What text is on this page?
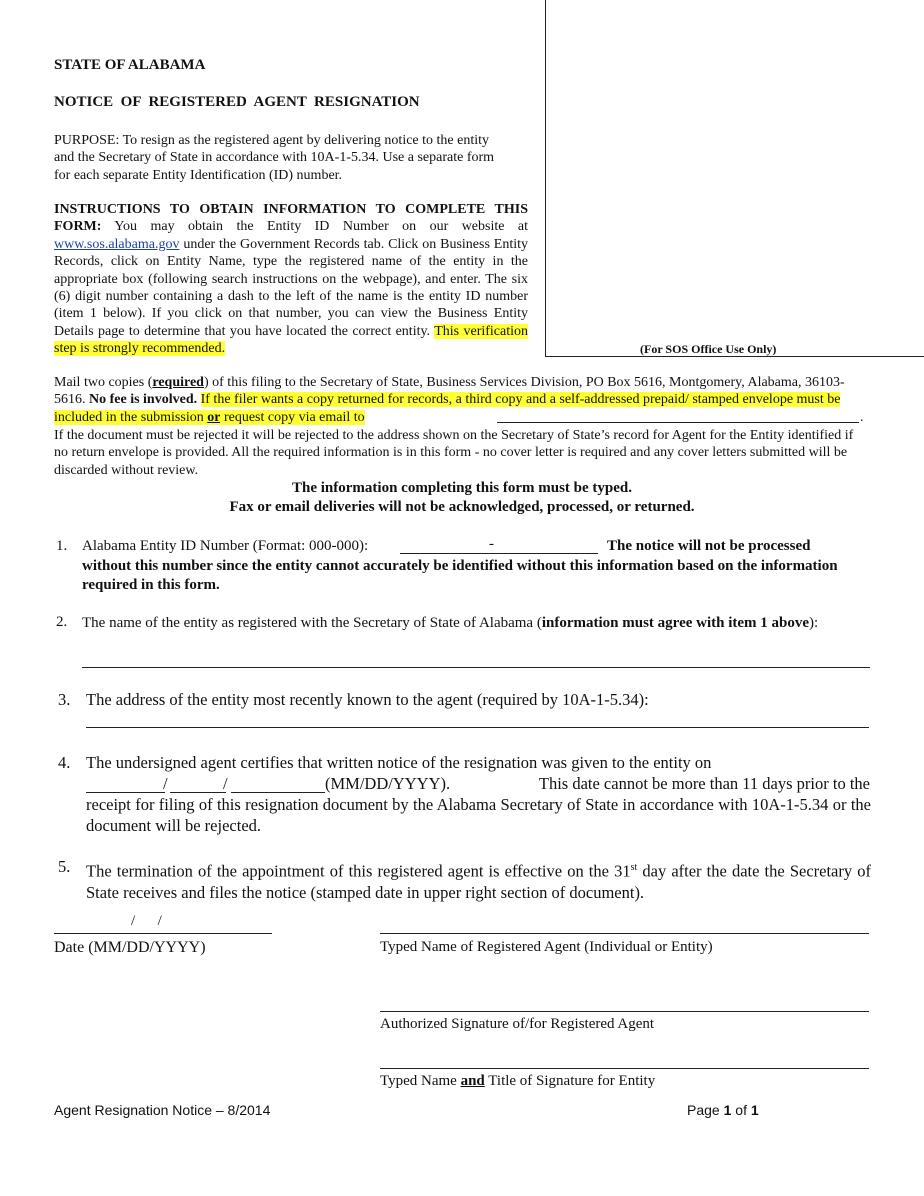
(For SOS Office Use Only)
STATE OF ALABAMA
NOTICE  OF  REGISTERED  AGENT  RESIGNATION
PURPOSE: To resign as the registered agent by delivering notice to the entity and the Secretary of State in accordance with 10A-1-5.34. Use a separate form for each separate Entity Identification (ID) number.
INSTRUCTIONS TO OBTAIN INFORMATION TO COMPLETE THIS FORM: You may obtain the Entity ID Number on our website at www.sos.alabama.gov under the Government Records tab. Click on Business Entity Records, click on Entity Name, type the registered name of the entity in the appropriate box (following search instructions on the webpage), and enter. The six (6) digit number containing a dash to the left of the name is the entity ID number (item 1 below). If you click on that number, you can view the Business Entity Details page to determine that you have located the correct entity. This verification step is strongly recommended.
Mail two copies (required) of this filing to the Secretary of State, Business Services Division, PO Box 5616, Montgomery, Alabama, 36103-5616. No fee is involved. If the filer wants a copy returned for records, a third copy and a self-addressed prepaid/ stamped envelope must be included in the submission or request copy via email to	.
If the document must be rejected it will be rejected to the address shown on the Secretary of State’s record for Agent for the Entity identified if no return envelope is provided. All the required information is in this form - no cover letter is required and any cover letters submitted will be discarded without review.
The information completing this form must be typed.
Fax or email deliveries will not be acknowledged, processed, or returned.
1. Alabama Entity ID Number (Format: 000-000):	-	The notice will not be processed
without this number since the entity cannot accurately be identified without this information based on the information required in this form.
2. The name of the entity as registered with the Secretary of State of Alabama (information must agree with item 1 above):
3. The address of the entity most recently known to the agent (required by 10A-1-5.34):
4. The undersigned agent certifies that written notice of the resignation was given to the entity on
/	/	(MM/DD/YYYY).	This date cannot be more than 11 days prior to the
receipt for filing of this resignation document by the Alabama Secretary of State in accordance with 10A-1-5.34 or the document will be rejected.
5. The termination of the appointment of this registered agent is effective on the 31st day after the date the Secretary of State receives and files the notice (stamped date in upper right section of document).
/      /
Date (MM/DD/YYYY)	Typed Name of Registered Agent (Individual or Entity)
Authorized Signature of/for Registered Agent
Typed Name and Title of Signature for Entity
Agent Resignation Notice – 8/2014	Page 1 of 1
